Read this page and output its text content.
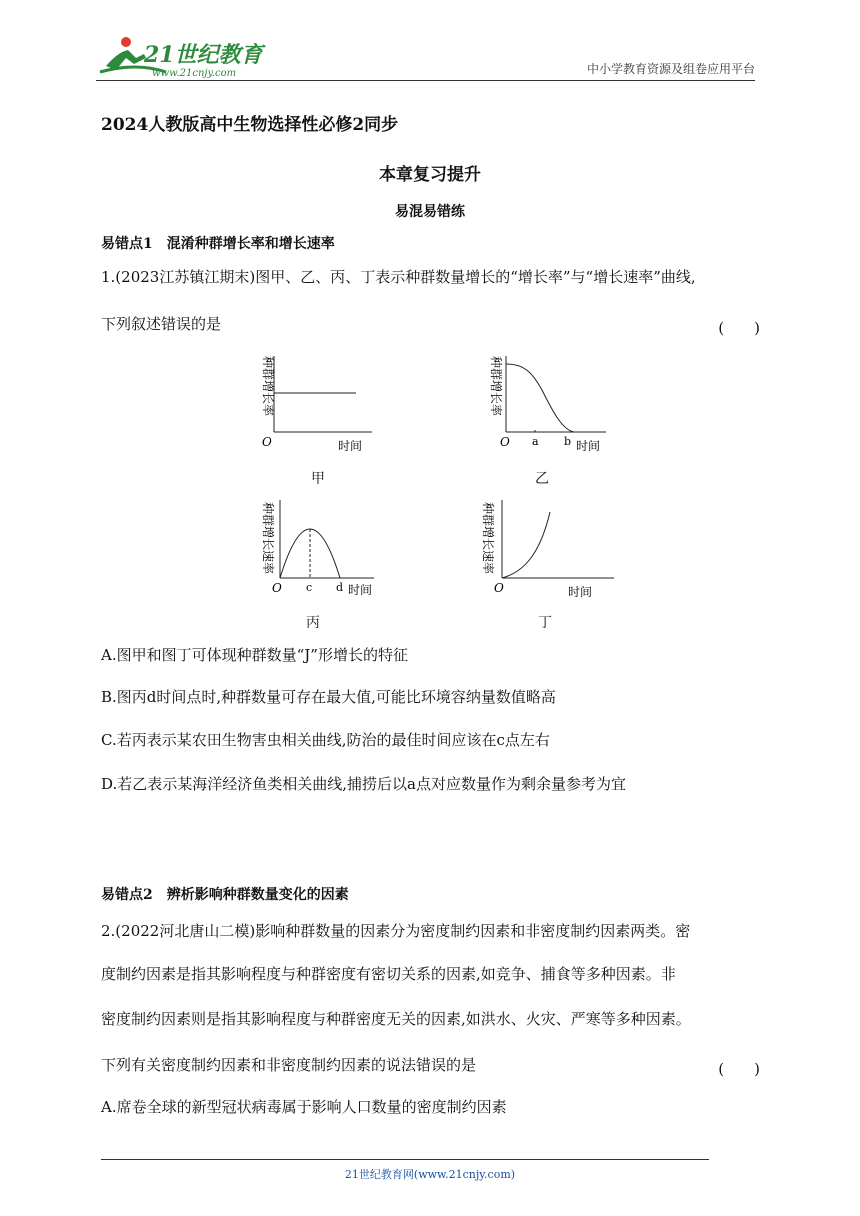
21世纪教育
www.21cnjy.com	中小学教育资源及组卷应用平台
2024人教版高中生物选择性必修2同步
本章复习提升
易混易错练
易错点1　混淆种群增长率和增长速率
1.(2023江苏镇江期末)图甲、乙、丙、丁表示种群数量增长的“增长率”与“增长速率”曲线,
下列叙述错误的是	(　　)
种群增长率
O	时间
甲
种群增长率
O a b 时间
乙
种群增长速率
O c d 时间
丙
种群增长速率
O	时间
丁
A.图甲和图丁可体现种群数量“J”形增长的特征
B.图丙d时间点时,种群数量可存在最大值,可能比环境容纳量数值略高
C.若丙表示某农田生物害虫相关曲线,防治的最佳时间应该在c点左右
D.若乙表示某海洋经济鱼类相关曲线,捕捞后以a点对应数量作为剩余量参考为宜
易错点2　辨析影响种群数量变化的因素
2.(2022河北唐山二模)影响种群数量的因素分为密度制约因素和非密度制约因素两类。密
度制约因素是指其影响程度与种群密度有密切关系的因素,如竞争、捕食等多种因素。非
密度制约因素则是指其影响程度与种群密度无关的因素,如洪水、火灾、严寒等多种因素。
下列有关密度制约因素和非密度制约因素的说法错误的是	(　　)
A.席卷全球的新型冠状病毒属于影响人口数量的密度制约因素
21世纪教育网(www.21cnjy.com)
